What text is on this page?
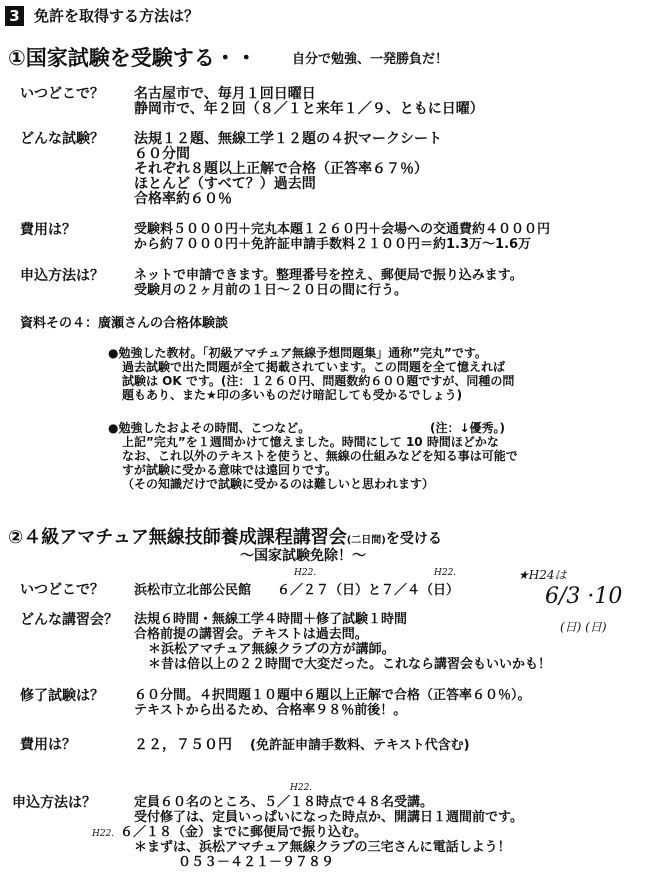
3 免許を取得する方法は？
①国家試験を受験する・・	自分で勉強、一発勝負だ！
いつどこで？ 名古屋市で、毎月１回日曜日
静岡市で、年２回（８／１と来年１／９、ともに日曜）
どんな試験？ 法規１２題、無線工学１２題の４択マークシート
６０分間
それぞれ８題以上正解で合格（正答率６７％）
ほとんど（すべて？）過去問
合格率約６０％
費用は？	受験料５０００円＋完丸本題１２６０円＋会場への交通費約４０００円
から約７０００円＋免許証申請手数料２１００円＝約1.3万～1.6万
申込方法は？ ネットで申請できます。整理番号を控え、郵便局で振り込みます。
受験月の２ヶ月前の１日～２０日の間に行う。
資料その４：廣瀬さんの合格体験談
●勉強した教材。「初級アマチュア無線予想問題集」通称”完丸”です。
過去試験で出た問題が全て掲載されています。この問題を全て憶えれば
試験は OK です。(注：１２６０円、問題数約６００題ですが、同種の問
題もあり、また★印の多いものだけ暗記しても受かるでしょう)
●勉強したおよその時間、こつなど。	(注：↓優秀。)
上記”完丸”を１週間かけて憶えました。時間にして 10 時間ほどかな
なお、これ以外のテキストを使うと、無線の仕組みなどを知る事は可能で
すが試験に受かる意味では遠回りです。
（その知識だけで試験に受かるのは難しいと思われます）
②４級アマチュア無線技師養成課程講習会(二日間)を受ける
～国家試験免除！～
H22.	H22.	★H24は
いつどこで？ 浜松市立北部公民館　　６／２７（日）と７／４（日）	6/3 ·10
(日) (日)
どんな講習会？ 法規６時間・無線工学４時間＋修了試験１時間
合格前提の講習会。テキストは過去問。
＊浜松アマチュア無線クラブの方が講師。
＊昔は倍以上の２２時間で大変だった。これなら講習会もいいかも！
修了試験は？ ６０分間。４択問題１０題中６題以上正解で合格（正答率６０％）。
テキストから出るため、合格率９８％前後！。
費用は？	２２，７５０円 (免許証申請手数料、テキスト代含む)
H22.
申込方法は？	定員６０名のところ、５／１８時点で４８名受講。
受付修了は、定員いっぱいになった時点か、開講日１週間前です。
H22. ６／１８（金）までに郵便局で振り込む。
＊まずは、浜松アマチュア無線クラブの三宅さんに電話しよう！
０５３－４２１－９７８９
